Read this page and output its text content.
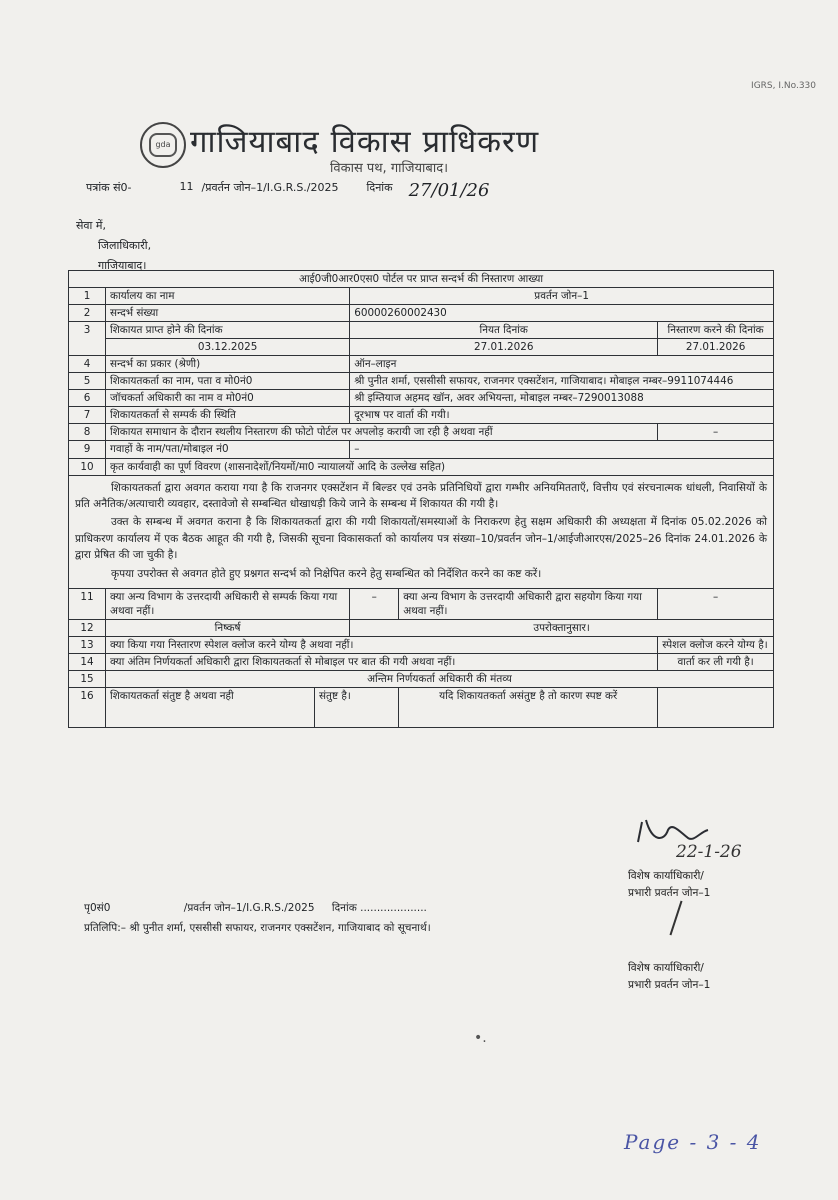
IGRS, I.No.330
gda गाजियाबाद विकास प्राधिकरण
विकास पथ, गाजियाबाद।
पत्रांक सं0-	11 /प्रवर्तन जोन–1/I.G.R.S./2025	दिनांक 27/01/26
सेवा में,
जिलाधिकारी,
गाजियाबाद।
आई0जी0आर0एस0 पोर्टल पर प्राप्त सन्दर्भ की निस्तारण आख्या					
1	कार्यालय का नाम		प्रवर्तन जोन–1		
2	सन्दर्भ संख्या		60000260002430		
3	शिकायत प्राप्त होने की दिनांक		नियत दिनांक		निस्तारण करने की दिनांक
	03.12.2025		27.01.2026		27.01.2026
4	सन्दर्भ का प्रकार (श्रेणी)		ऑन–लाइन		
5	शिकायतकर्ता का नाम, पता व मो0नं0		श्री पुनीत शर्मा, एससीसी सफायर, राजनगर एक्सटेंशन, गाजियाबाद। मोबाइल नम्बर–9911074446		
6	जॉचकर्ता अधिकारी का नाम व मो0नं0		श्री इम्तियाज अहमद खॉन, अवर अभियन्ता, मोबाइल नम्बर–7290013088		
7	शिकायतकर्ता से सम्पर्क की स्थिति		दूरभाष पर वार्ता की गयी।		
8	शिकायत समाधान के दौरान स्थलीय निस्तारण की फोटो पोर्टल पर अपलोड़ करायी जा रही है अथवा नहीं				–
9	गवाहों के नाम/पता/मोबाइल नं0		–		
10	कृत कार्यवाही का पूर्ण विवरण (शासनादेशों/नियमों/मा0 न्यायालयों आदि के उल्लेख सहित)				

शिकायतकर्ता द्वारा अवगत कराया गया है कि राजनगर एक्सटेंशन में बिल्डर एवं उनके प्रतिनिधियों द्वारा गम्भीर अनियमितताएँ, वित्तीय एवं संरचनात्मक धांधली, निवासियों के प्रति अनैतिक/अत्याचारी व्यवहार, दस्तावेजो से सम्बन्धित धोखाधड़ी किये जाने के सम्बन्ध में शिकायत की गयी है।

उक्त के सम्बन्ध में अवगत कराना है कि शिकायतकर्ता द्वारा की गयी शिकायतों/समस्याओं के निराकरण हेतु सक्षम अधिकारी की अध्यक्षता में दिनांक 05.02.2026 को प्राधिकरण कार्यालय में एक बैठक आहूत की गयी है, जिसकी सूचना विकासकर्ता को कार्यालय पत्र संख्या–10/प्रवर्तन जोन–1/आईजीआरएस/2025–26 दिनांक 24.01.2026 के द्वारा प्रेषित की जा चुकी है।

कृपया उपरोक्त से अवगत होते हुए प्रश्नगत सन्दर्भ को निक्षेपित करने हेतु सम्बन्धित को निर्देशित करने का कष्ट करें।					

11	क्या अन्य विभाग के उत्तरदायी अधिकारी से सम्पर्क किया गया अथवा नहीं।		–	क्या अन्य विभाग के उत्तरदायी अधिकारी द्वारा सहयोग किया गया अथवा नहीं।	–
12	निष्कर्ष		उपरोक्तानुसार।		
13	क्या किया गया निस्तारण स्पेशल क्लोज करने योग्य है अथवा नहीं।				स्पेशल क्लोज करने योग्य है।
14	क्या अंतिम निर्णयकर्ता अधिकारी द्वारा शिकायतकर्ता से मोबाइल पर बात की गयी अथवा नहीं।				वार्ता कर ली गयी है।
15	अन्तिम निर्णयकर्ता अधिकारी की मंतव्य				
16	शिकायतकर्ता संतुष्ट है अथवा नही	संतुष्ट है।		यदि शिकायतकर्ता असंतुष्ट है तो कारण स्पष्ट करें	
22-1-26
विशेष कार्याधिकारी/
प्रभारी प्रवर्तन जोन–1
पृ0सं0	/प्रवर्तन जोन–1/I.G.R.S./2025 दिनांक ....................
प्रतिलिपि:– श्री पुनीत शर्मा, एससीसी सफायर, राजनगर एक्सटेंशन, गाजियाबाद को सूचनार्थ।
विशेष कार्याधिकारी/
प्रभारी प्रवर्तन जोन–1
•.
Page - 3 - 4
